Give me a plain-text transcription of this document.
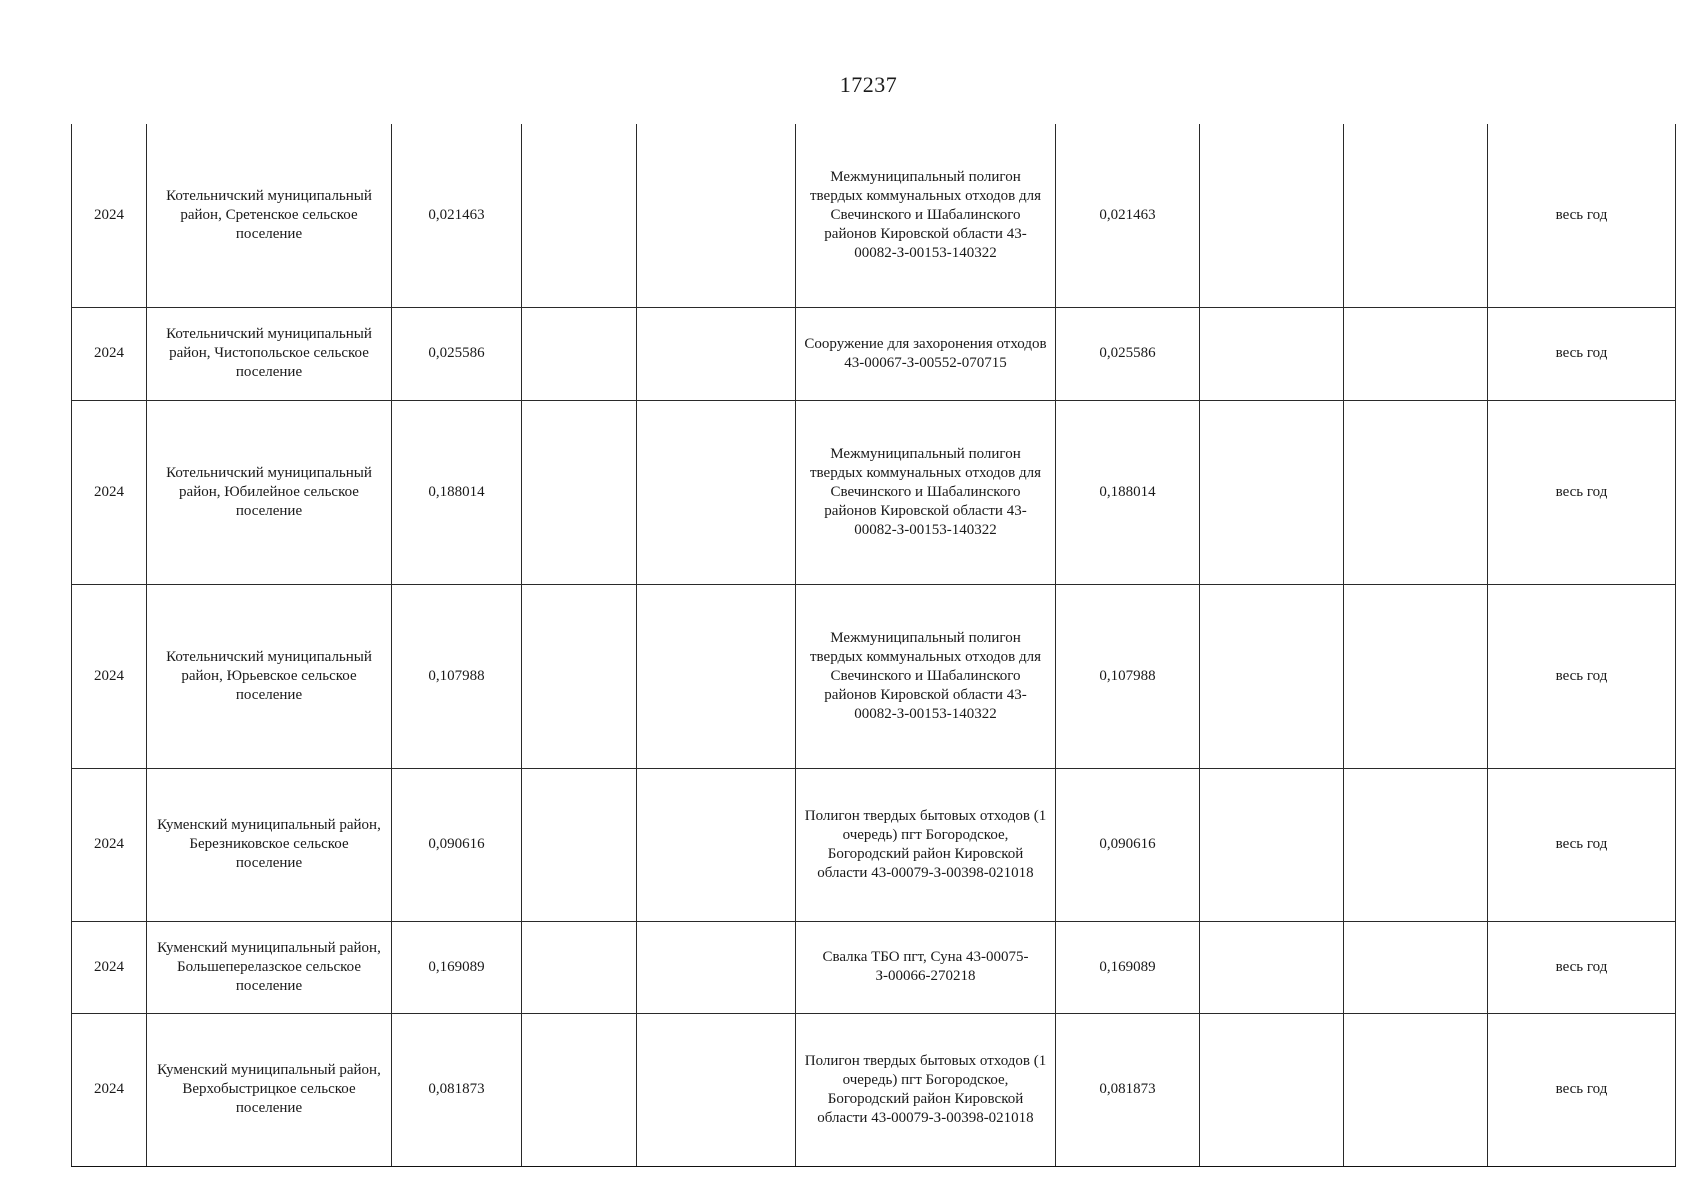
17237
2024	Котельничский муниципальный район, Сретенское сельское поселение	0,021463			Межмуниципальный полигон твердых коммунальных отходов для Свечинского и Шабалинского районов Кировской области 43-00082-З-00153-140322	0,021463			весь год
2024	Котельничский муниципальный район, Чистопольское сельское поселение	0,025586			Сооружение для захоронения отходов 43-00067-З-00552-070715	0,025586			весь год
2024	Котельничский муниципальный район, Юбилейное сельское поселение	0,188014			Межмуниципальный полигон твердых коммунальных отходов для Свечинского и Шабалинского районов Кировской области 43-00082-З-00153-140322	0,188014			весь год
2024	Котельничский муниципальный район, Юрьевское сельское поселение	0,107988			Межмуниципальный полигон твердых коммунальных отходов для Свечинского и Шабалинского районов Кировской области 43-00082-З-00153-140322	0,107988			весь год
2024	Куменский муниципальный район, Березниковское сельское поселение	0,090616			Полигон твердых бытовых отходов (1 очередь) пгт Богородское, Богородский район Кировской области 43-00079-З-00398-021018	0,090616			весь год
2024	Куменский муниципальный район, Большеперелазское сельское поселение	0,169089			Свалка ТБО пгт, Суна 43-00075-З-00066-270218	0,169089			весь год
2024	Куменский муниципальный район, Верхобыстрицкое сельское поселение	0,081873			Полигон твердых бытовых отходов (1 очередь) пгт Богородское, Богородский район Кировской области 43-00079-З-00398-021018	0,081873			весь год
